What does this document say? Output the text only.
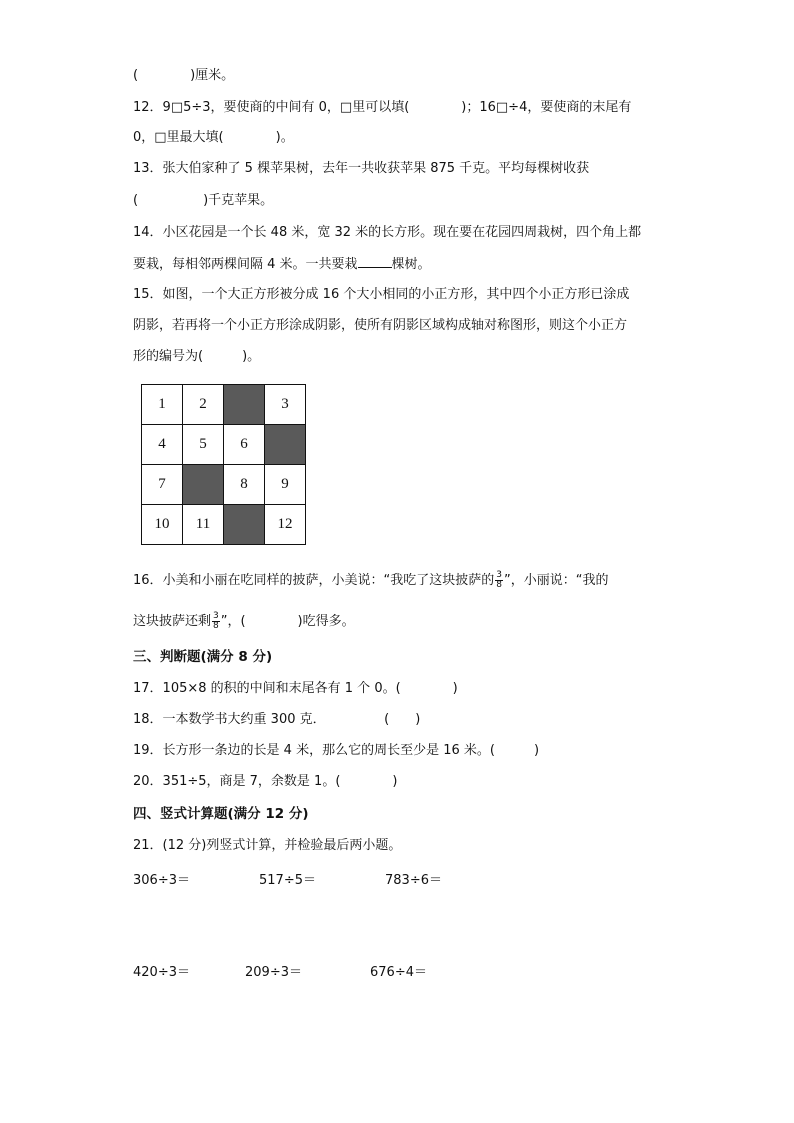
(　　　　)厘米。
12．9□5÷3，要使商的中间有 0，□里可以填(　　　　)；16□÷4，要使商的末尾有
0，□里最大填(　　　　)。
13．张大伯家种了 5 棵苹果树，去年一共收获苹果 875 千克。平均每棵树收获
(　　　　　)千克苹果。
14．小区花园是一个长 48 米，宽 32 米的长方形。现在要在花园四周栽树，四个角上都
要栽，每相邻两棵间隔 4 米。一共要栽	棵树。
15．如图，一个大正方形被分成 16 个大小相同的小正方形，其中四个小正方形已涂成
阴影，若再将一个小正方形涂成阴影，使所有阴影区域构成轴对称图形，则这个小正方
形的编号为(　　　)。
1	2		3
4	5	6	
7		8	9
10	11		12
16．小美和小丽在吃同样的披萨，小美说：“我吃了这块披萨的 $\frac{3}{8}$ ”，小丽说：“我的
这块披萨还剩 $\frac{3}{8}$ ”，(　　　　)吃得多。
三、判断题(满分 8 分)
17．105×8 的积的中间和末尾各有 1 个 0。(　　　　)
18．一本数学书大约重 300 克．　　　　　(　　)
19．长方形一条边的长是 4 米，那么它的周长至少是 16 米。(　　　)
20．351÷5，商是 7，余数是 1。(　　　　)
四、竖式计算题(满分 12 分)
21．(12 分)列竖式计算，并检验最后两小题。
306÷3＝	517÷5＝	783÷6＝
420÷3＝	209÷3＝	676÷4＝
